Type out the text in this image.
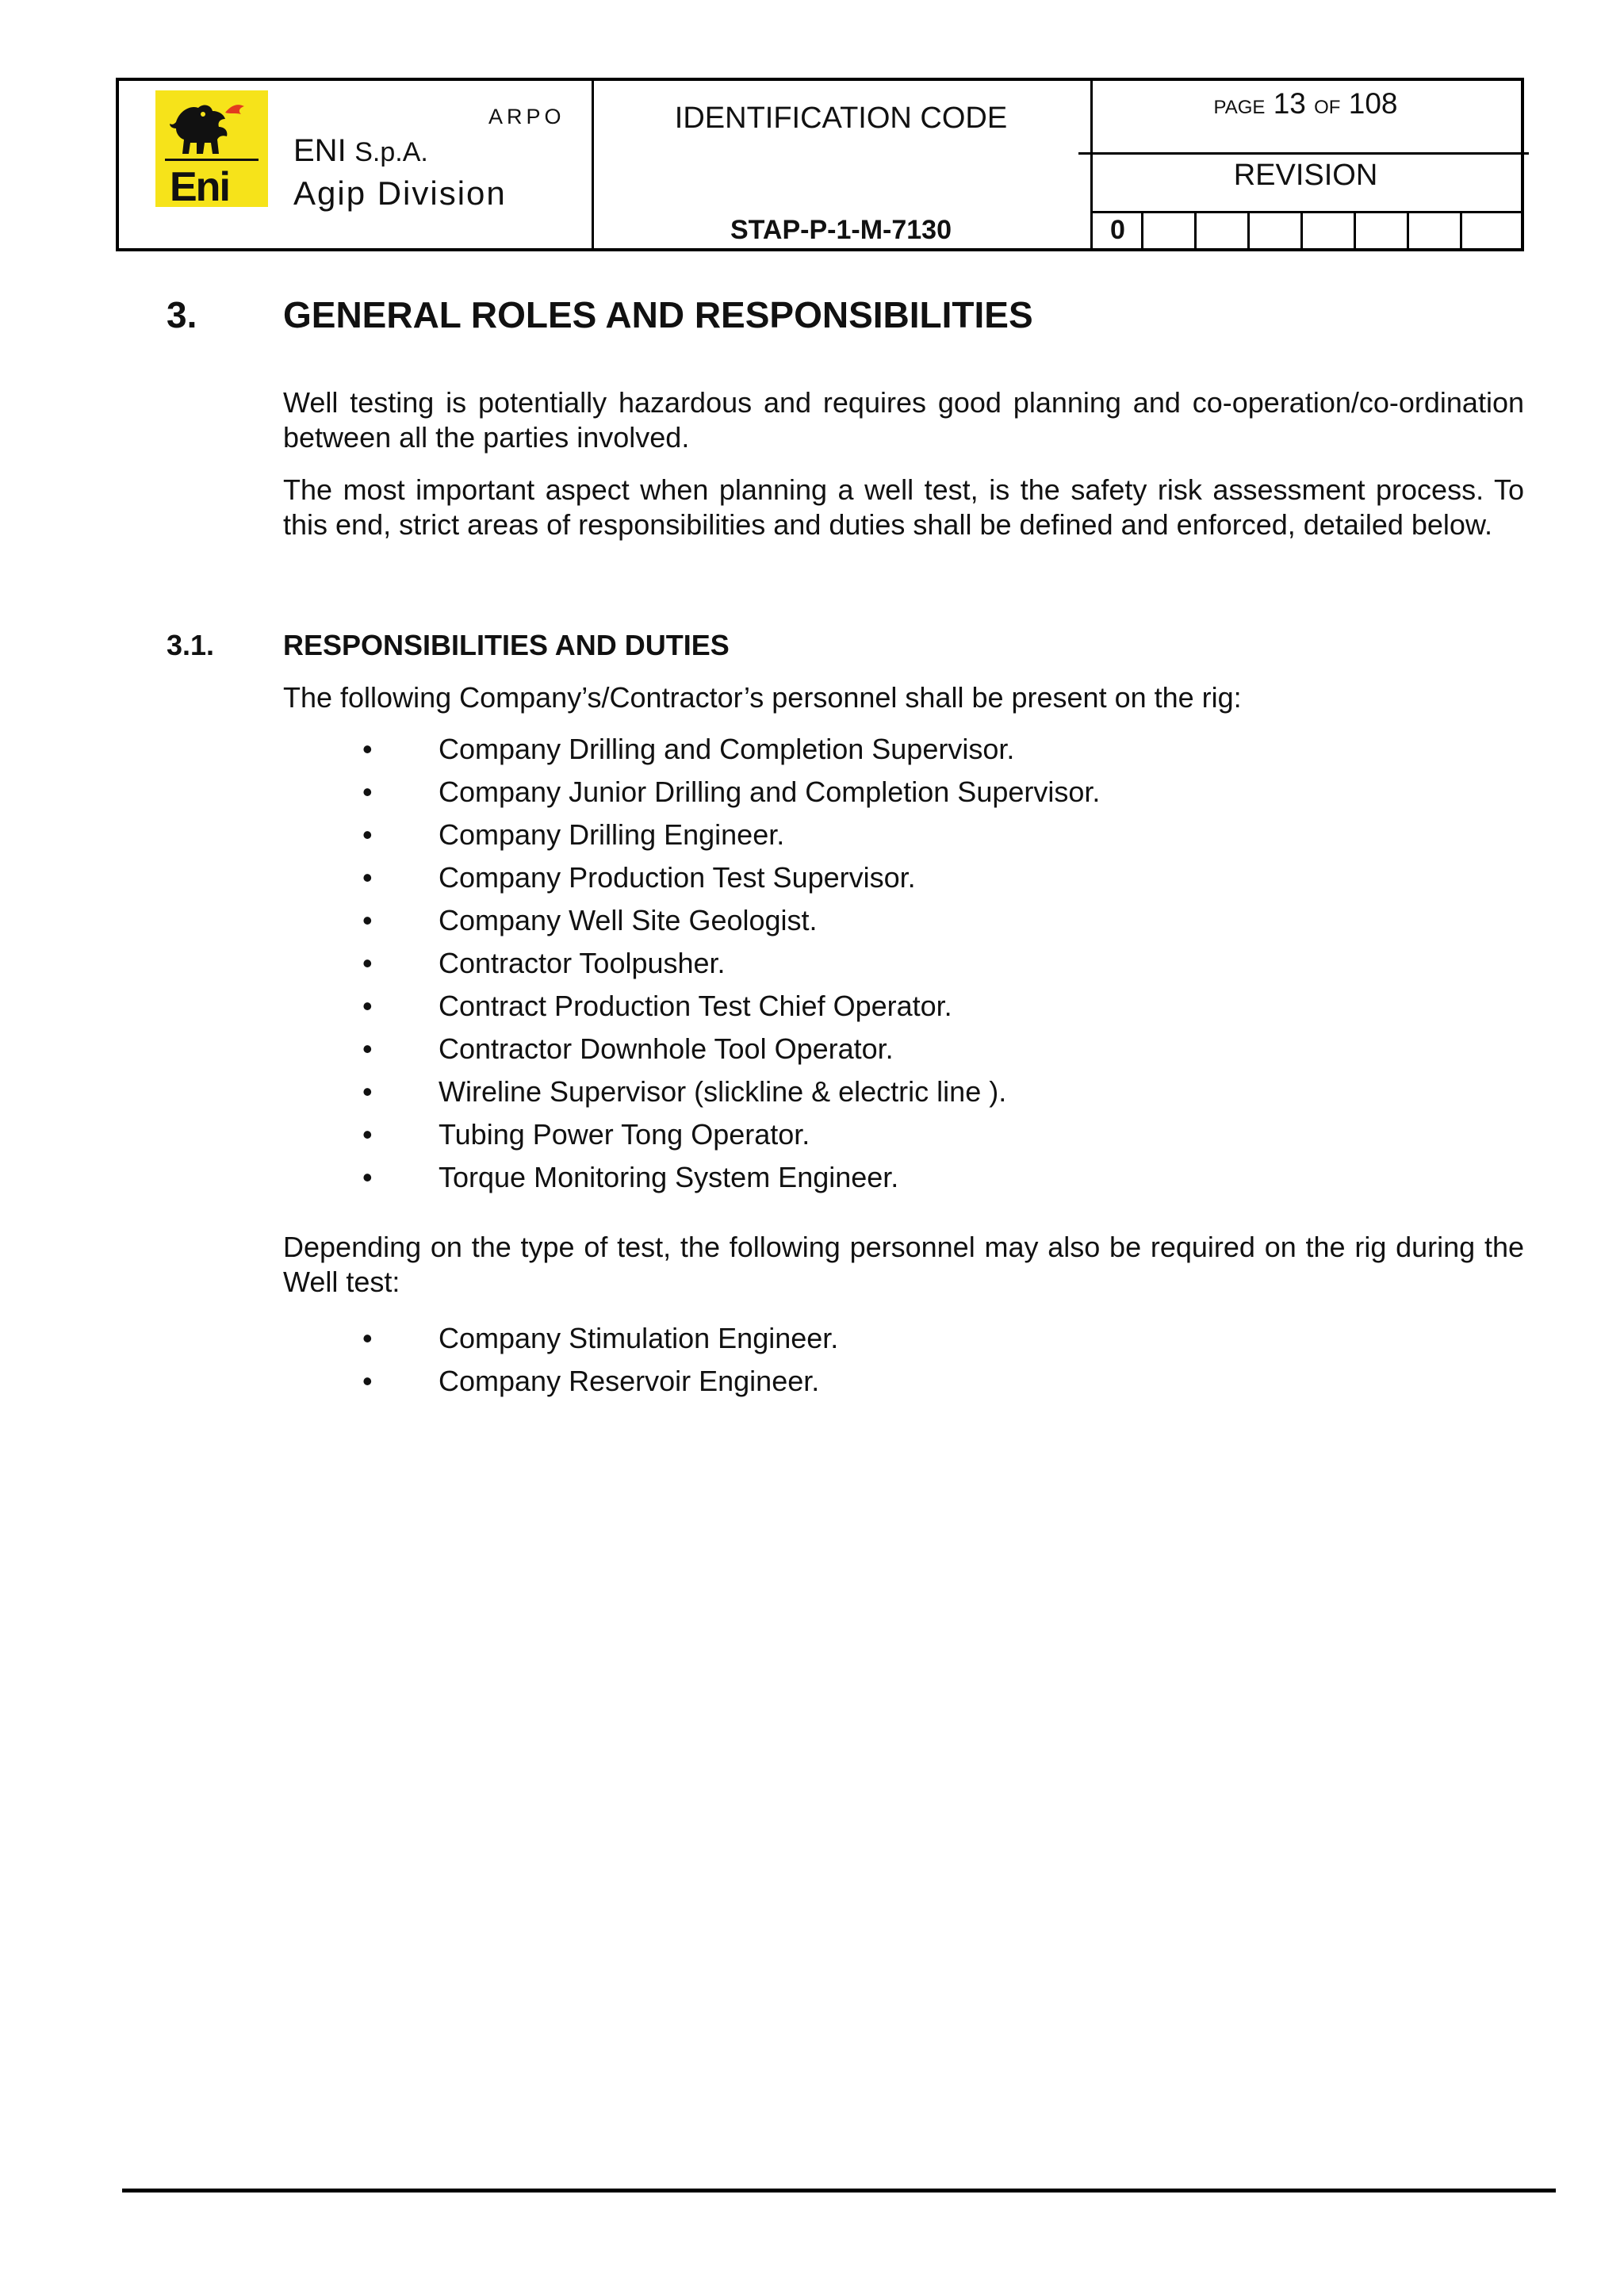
Eni
ARPO
ENI S.p.A.
Agip Division
IDENTIFICATION CODE
STAP-P-1-M-7130
PAGE 13 OF 108
REVISION
0
3. GENERAL ROLES AND RESPONSIBILITIES
Well testing is potentially hazardous and requires good planning and co-operation/co-ordination between all the parties involved.
The most important aspect when planning a well test, is the safety risk assessment process. To this end, strict areas of responsibilities and duties shall be defined and enforced, detailed below.
3.1. RESPONSIBILITIES AND DUTIES
The following Company’s/Contractor’s personnel shall be present on the rig:
• Company Drilling and Completion Supervisor.
• Company Junior Drilling and Completion Supervisor.
• Company Drilling Engineer.
• Company Production Test Supervisor.
• Company Well Site Geologist.
• Contractor Toolpusher.
• Contract Production Test Chief Operator.
• Contractor Downhole Tool Operator.
• Wireline Supervisor (slickline & electric line ).
• Tubing Power Tong Operator.
• Torque Monitoring System Engineer.
Depending on the type of test, the following personnel may also be required on the rig during the Well test:
• Company Stimulation Engineer.
• Company Reservoir Engineer.
